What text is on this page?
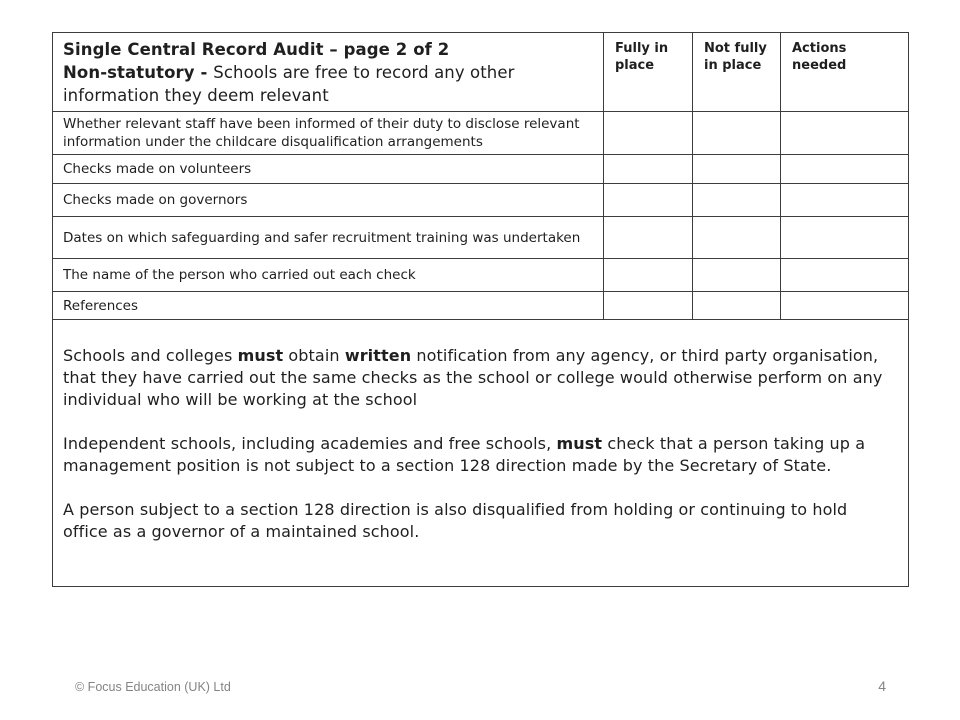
Single Central Record Audit – page 2 of 2
Non-statutory - Schools are free to record any other information they deem relevant	Fully in place	Not fully in place	Actions needed
Whether relevant staff have been informed of their duty to disclose relevant information under the childcare disqualification arrangements			
Checks made on volunteers			
Checks made on governors			
Dates on which safeguarding and safer recruitment training was undertaken			
The name of the person who carried out each check			
References			

Schools and colleges must obtain written notification from any agency, or third party organisation, that they have carried out the same checks as the school or college would otherwise perform on any individual who will be working at the school

Independent schools, including academies and free schools, must check that a person taking up a management position is not subject to a section 128 direction made by the Secretary of State.

A person subject to a section 128 direction is also disqualified from holding or continuing to hold office as a governor of a maintained school.			

© Focus Education (UK) Ltd	4
